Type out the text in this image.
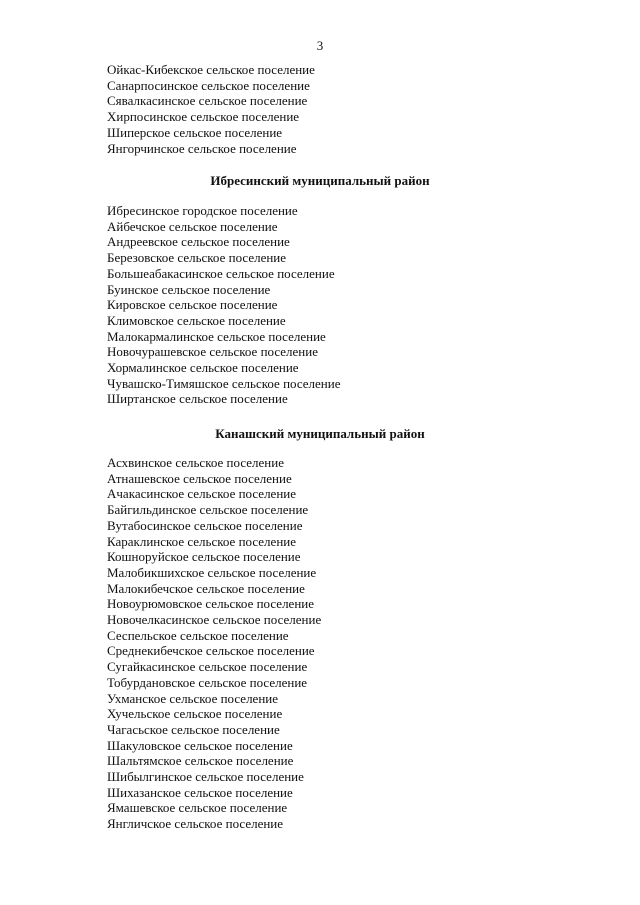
3

Ойкас-Кибекское сельское поселение
Санарпосинское сельское поселение
Сявалкасинское сельское поселение
Хирпосинское сельское поселение
Шиперское сельское поселение
Янгорчинское сельское поселение
Ибресинский муниципальный район
Ибресинское городское поселение
Айбечское сельское поселение
Андреевское сельское поселение
Березовское сельское поселение
Большеабакасинское сельское поселение
Буинское сельское поселение
Кировское сельское поселение
Климовское сельское поселение
Малокармалинское сельское поселение
Новочурашевское сельское поселение
Хормалинское сельское поселение
Чувашско-Тимяшское сельское поселение
Ширтанское сельское поселение
Канашский муниципальный район
Асхвинское сельское поселение
Атнашевское сельское поселение
Ачакасинское сельское поселение
Байгильдинское сельское поселение
Вутабосинское сельское поселение
Караклинское сельское поселение
Кошноруйское сельское поселение
Малобикшихское сельское поселение
Малокибечское сельское поселение
Новоурюмовское сельское поселение
Новочелкасинское сельское поселение
Сеспельское сельское поселение
Среднекибечское сельское поселение
Сугайкасинское сельское поселение
Тобурдановское сельское поселение
Ухманское сельское поселение
Хучельское сельское поселение
Чагасьское сельское поселение
Шакуловское сельское поселение
Шальтямское сельское поселение
Шибылгинское сельское поселение
Шихазанское сельское поселение
Ямашевское сельское поселение
Янгличское сельское поселение
